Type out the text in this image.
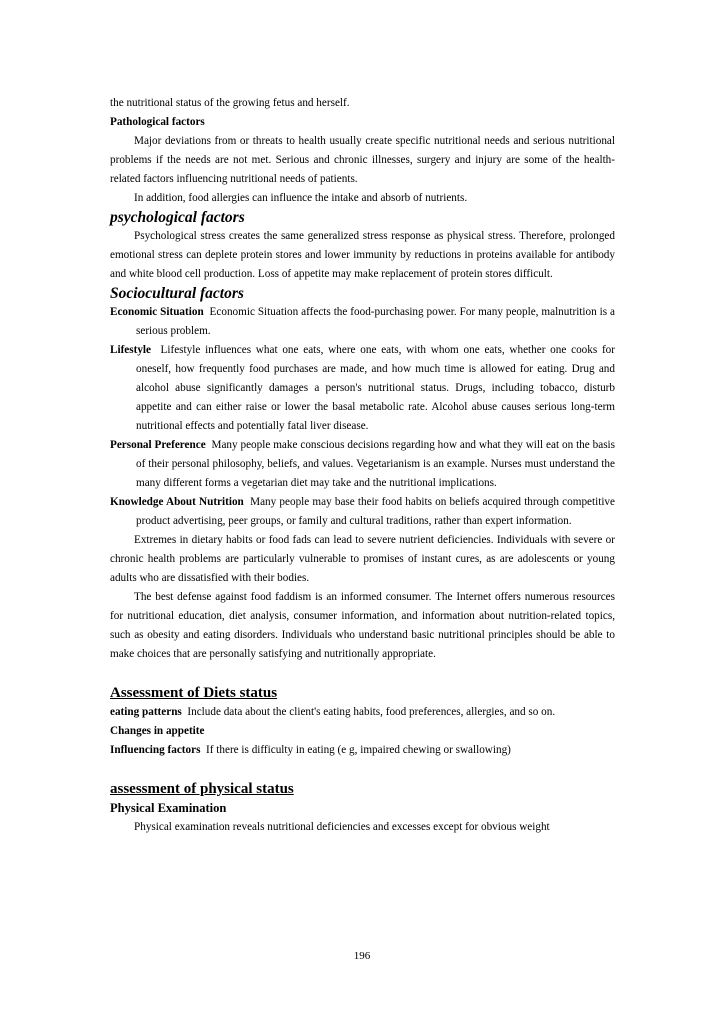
the nutritional status of the growing fetus and herself.

Pathological factors

Major deviations from or threats to health usually create specific nutritional needs and serious nutritional problems if the needs are not met. Serious and chronic illnesses, surgery and injury are some of the health-related factors influencing nutritional needs of patients.

In addition, food allergies can influence the intake and absorb of nutrients.

psychological factors

Psychological stress creates the same generalized stress response as physical stress. Therefore, prolonged emotional stress can deplete protein stores and lower immunity by reductions in proteins available for antibody and white blood cell production. Loss of appetite may make replacement of protein stores difficult.

Sociocultural factors

Economic Situation Economic Situation affects the food-purchasing power. For many people, malnutrition is a serious problem.

Lifestyle Lifestyle influences what one eats, where one eats, with whom one eats, whether one cooks for oneself, how frequently food purchases are made, and how much time is allowed for eating. Drug and alcohol abuse significantly damages a person's nutritional status. Drugs, including tobacco, disturb appetite and can either raise or lower the basal metabolic rate. Alcohol abuse causes serious long-term nutritional effects and potentially fatal liver disease.

Personal Preference Many people make conscious decisions regarding how and what they will eat on the basis of their personal philosophy, beliefs, and values. Vegetarianism is an example. Nurses must understand the many different forms a vegetarian diet may take and the nutritional implications.

Knowledge About Nutrition Many people may base their food habits on beliefs acquired through competitive product advertising, peer groups, or family and cultural traditions, rather than expert information.

Extremes in dietary habits or food fads can lead to severe nutrient deficiencies. Individuals with severe or chronic health problems are particularly vulnerable to promises of instant cures, as are adolescents or young adults who are dissatisfied with their bodies.

The best defense against food faddism is an informed consumer. The Internet offers numerous resources for nutritional education, diet analysis, consumer information, and information about nutrition-related topics, such as obesity and eating disorders. Individuals who understand basic nutritional principles should be able to make choices that are personally satisfying and nutritionally appropriate.

Assessment of Diets status

eating patterns Include data about the client's eating habits, food preferences, allergies, and so on.

Changes in appetite

Influencing factors If there is difficulty in eating (e g, impaired chewing or swallowing)

assessment of physical status

Physical Examination

Physical examination reveals nutritional deficiencies and excesses except for obvious weight

196
